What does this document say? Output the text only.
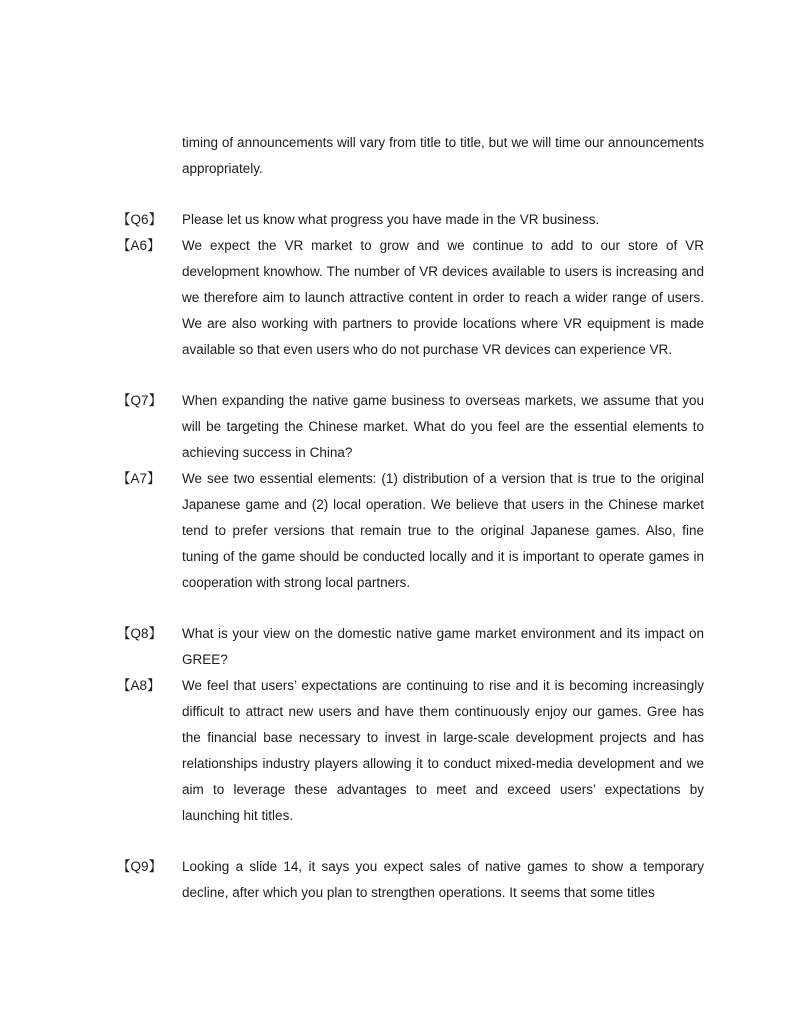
timing of announcements will vary from title to title, but we will time our announcements appropriately.

【Q6】	Please let us know what progress you have made in the VR business.
【A6】	We expect the VR market to grow and we continue to add to our store of VR development knowhow. The number of VR devices available to users is increasing and we therefore aim to launch attractive content in order to reach a wider range of users. We are also working with partners to provide locations where VR equipment is made available so that even users who do not purchase VR devices can experience VR.
【Q7】	When expanding the native game business to overseas markets, we assume that you will be targeting the Chinese market. What do you feel are the essential elements to achieving success in China?
【A7】	We see two essential elements: (1) distribution of a version that is true to the original Japanese game and (2) local operation. We believe that users in the Chinese market tend to prefer versions that remain true to the original Japanese games. Also, fine tuning of the game should be conducted locally and it is important to operate games in cooperation with strong local partners.
【Q8】	What is your view on the domestic native game market environment and its impact on GREE?
【A8】	We feel that users’ expectations are continuing to rise and it is becoming increasingly difficult to attract new users and have them continuously enjoy our games. Gree has the financial base necessary to invest in large-scale development projects and has relationships industry players allowing it to conduct mixed-media development and we aim to leverage these advantages to meet and exceed users’ expectations by launching hit titles.
【Q9】	Looking a slide 14, it says you expect sales of native games to show a temporary decline, after which you plan to strengthen operations. It seems that some titles
